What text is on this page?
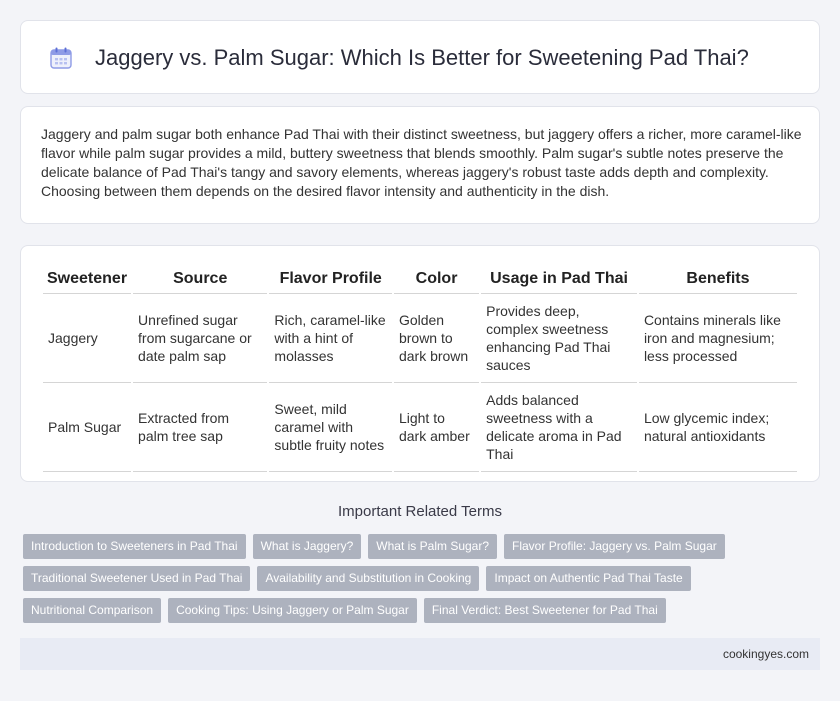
Jaggery vs. Palm Sugar: Which Is Better for Sweetening Pad Thai?

Jaggery and palm sugar both enhance Pad Thai with their distinct sweetness, but jaggery offers a richer, more caramel-like flavor while palm sugar provides a mild, buttery sweetness that blends smoothly. Palm sugar's subtle notes preserve the delicate balance of Pad Thai's tangy and savory elements, whereas jaggery's robust taste adds depth and complexity. Choosing between them depends on the desired flavor intensity and authenticity in the dish.

Sweetener	Source	Flavor Profile	Color	Usage in Pad Thai	Benefits
Jaggery	Unrefined sugar from sugarcane or date palm sap	Rich, caramel-like with a hint of molasses	Golden brown to dark brown	Provides deep, complex sweetness enhancing Pad Thai sauces	Contains minerals like iron and magnesium; less processed
Palm Sugar	Extracted from palm tree sap	Sweet, mild caramel with subtle fruity notes	Light to dark amber	Adds balanced sweetness with a delicate aroma in Pad Thai	Low glycemic index; natural antioxidants
Important Related Terms
Introduction to Sweeteners in Pad Thai	What is Jaggery?	What is Palm Sugar?	Flavor Profile: Jaggery vs. Palm Sugar
Traditional Sweetener Used in Pad Thai	Availability and Substitution in Cooking	Impact on Authentic Pad Thai Taste
Nutritional Comparison	Cooking Tips: Using Jaggery or Palm Sugar	Final Verdict: Best Sweetener for Pad Thai
cookingyes.com
